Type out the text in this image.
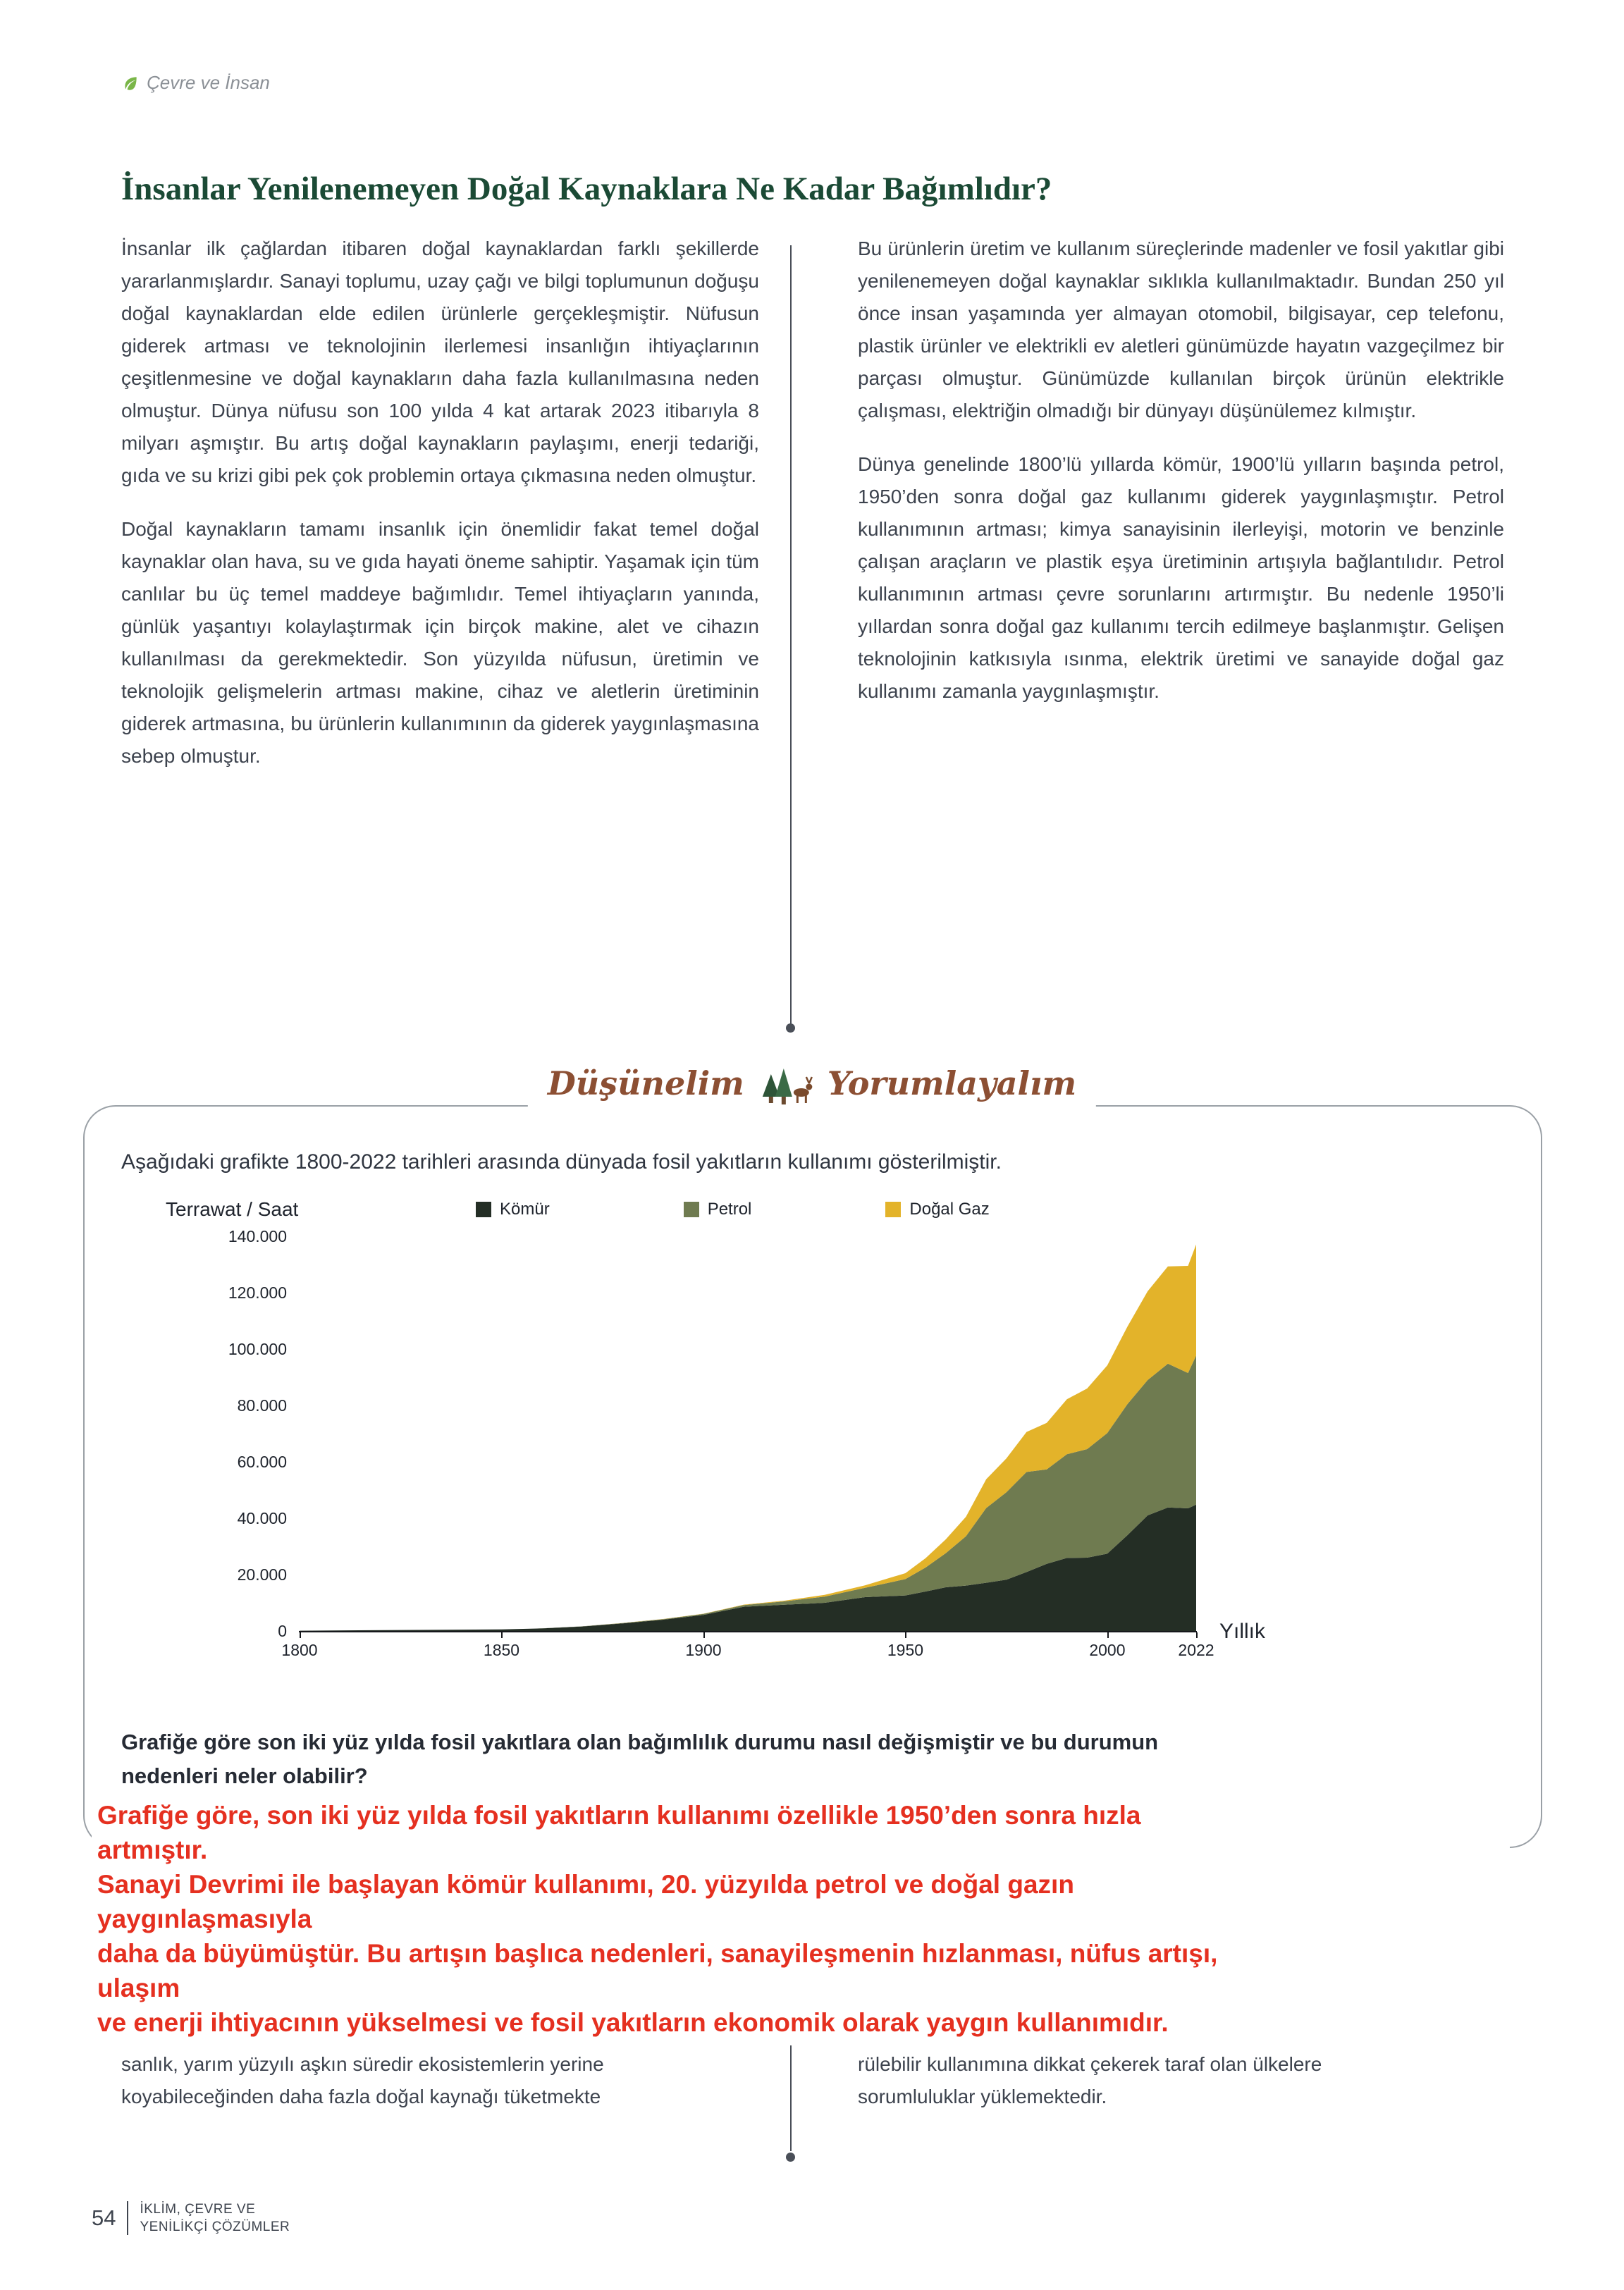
Çevre ve İnsan
İnsanlar Yenilenemeyen Doğal Kaynaklara Ne Kadar Bağımlıdır?

İnsanlar ilk çağlardan itibaren doğal kaynaklardan farklı şekillerde yararlanmışlardır. Sanayi toplumu, uzay çağı ve bilgi toplumunun doğuşu doğal kaynaklardan elde edilen ürünlerle gerçekleşmiştir. Nüfusun giderek artması ve teknolojinin ilerlemesi insanlığın ihtiyaçlarının çeşitlenmesine ve doğal kaynakların daha fazla kullanılmasına neden olmuştur. Dünya nüfusu son 100 yılda 4 kat artarak 2023 itibarıyla 8 milyarı aşmıştır. Bu artış doğal kaynakların paylaşımı, enerji tedariği, gıda ve su krizi gibi pek çok problemin ortaya çıkmasına neden olmuştur.

Doğal kaynakların tamamı insanlık için önemlidir fakat temel doğal kaynaklar olan hava, su ve gıda hayati öneme sahiptir. Yaşamak için tüm canlılar bu üç temel maddeye bağımlıdır. Temel ihtiyaçların yanında, günlük yaşantıyı kolaylaştırmak için birçok makine, alet ve cihazın kullanılması da gerekmektedir. Son yüzyılda nüfusun, üretimin ve teknolojik gelişmelerin artması makine, cihaz ve aletlerin üretiminin giderek artmasına, bu ürünlerin kullanımının da giderek yaygınlaşmasına sebep olmuştur.

Bu ürünlerin üretim ve kullanım süreçlerinde madenler ve fosil yakıtlar gibi yenilenemeyen doğal kaynaklar sıklıkla kullanılmaktadır. Bundan 250 yıl önce insan yaşamında yer almayan otomobil, bilgisayar, cep telefonu, plastik ürünler ve elektrikli ev aletleri günümüzde hayatın vazgeçilmez bir parçası olmuştur. Günümüzde kullanılan birçok ürünün elektrikle çalışması, elektriğin olmadığı bir dünyayı düşünülemez kılmıştır.

Dünya genelinde 1800’lü yıllarda kömür, 1900’lü yılların başında petrol, 1950’den sonra doğal gaz kullanımı giderek yaygınlaşmıştır. Petrol kullanımının artması; kimya sanayisinin ilerleyişi, motorin ve benzinle çalışan araçların ve plastik eşya üretiminin artışıyla bağlantılıdır. Petrol kullanımının artması çevre sorunlarını artırmıştır. Bu nedenle 1950’li yıllardan sonra doğal gaz kullanımı tercih edilmeye başlanmıştır. Gelişen teknolojinin katkısıyla ısınma, elektrik üretimi ve sanayide doğal gaz kullanımı zamanla yaygınlaşmıştır.

Düşünelim	Yorumlayalım
Aşağıdaki grafikte 1800-2022 tarihleri arasında dünyada fosil yakıtların kullanımı gösterilmiştir.
Terrawat / Saat	Kömür	Petrol	Doğal Gaz
Yıllık
0
20.000
40.000
60.000
80.000
100.000
120.000
140.000
1800	1850	1900	1950	2000	2022
Grafiğe göre son iki yüz yılda fosil yakıtlara olan bağımlılık durumu nasıl değişmiştir ve bu durumun
nedenleri neler olabilir?
Grafiğe göre, son iki yüz yılda fosil yakıtların kullanımı özellikle 1950’den sonra hızla
artmıştır.
Sanayi Devrimi ile başlayan kömür kullanımı, 20. yüzyılda petrol ve doğal gazın
yaygınlaşmasıyla
daha da büyümüştür. Bu artışın başlıca nedenleri, sanayileşmenin hızlanması, nüfus artışı,
ulaşım
ve enerji ihtiyacının yükselmesi ve fosil yakıtların ekonomik olarak yaygın kullanımıdır.
sanlık, yarım yüzyılı aşkın süredir ekosistemlerin yerine
koyabileceğinden daha fazla doğal kaynağı tüketmekte
rülebilir kullanımına dikkat çekerek taraf olan ülkelere
sorumluluklar yüklemektedir.
54 İKLİM, ÇEVRE VE
YENİLİKÇİ ÇÖZÜMLER
